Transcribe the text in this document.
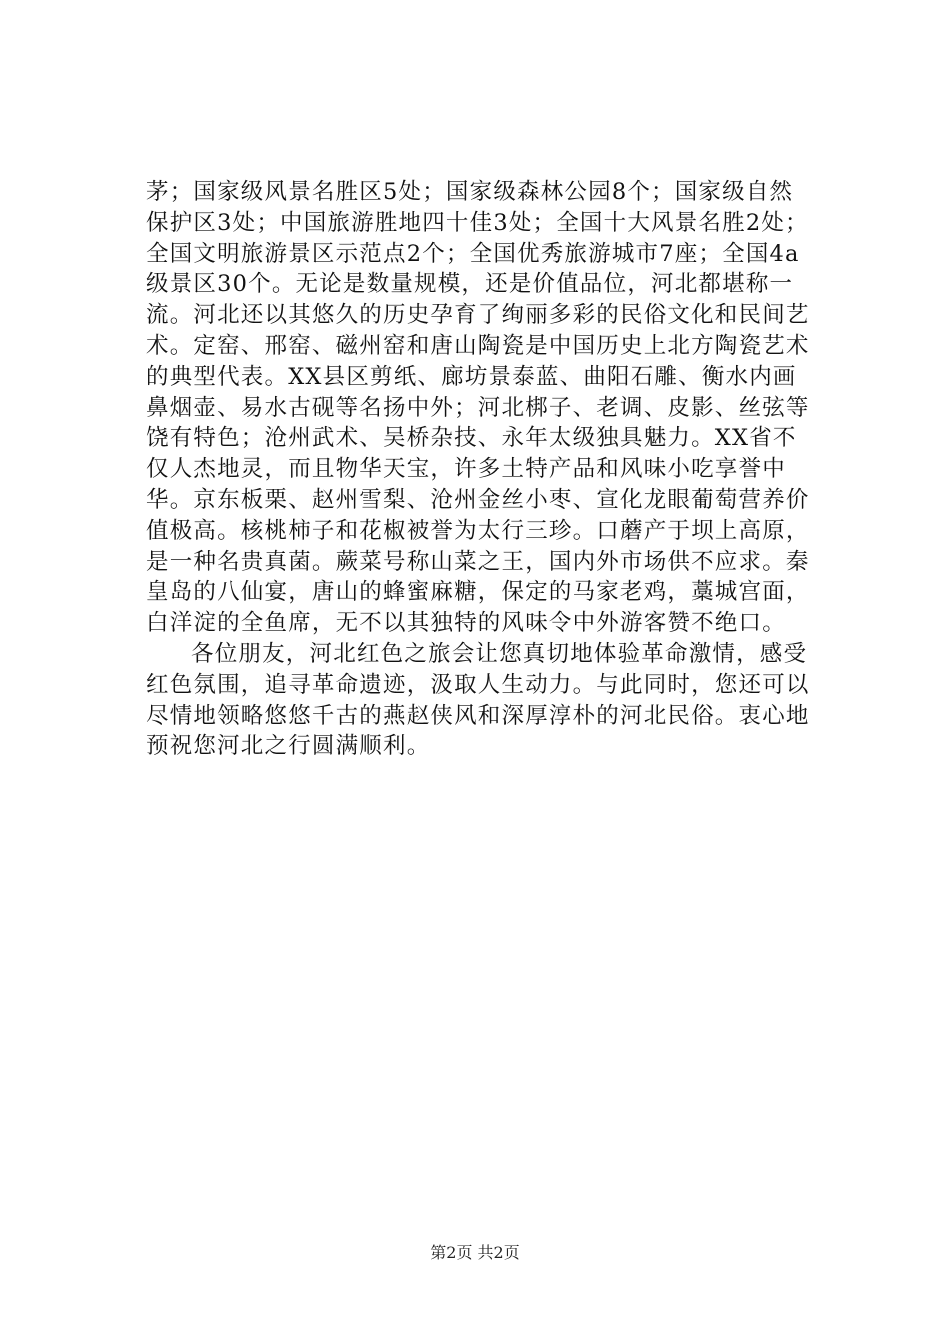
茅；国家级风景名胜区5处；国家级森林公园8个；国家级自然保护区3处；中国旅游胜地四十佳3处；全国十大风景名胜2处；全国文明旅游景区示范点2个；全国优秀旅游城市7座；全国4a级景区30个。无论是数量规模，还是价值品位，河北都堪称一流。河北还以其悠久的历史孕育了绚丽多彩的民俗文化和民间艺术。定窑、邢窑、磁州窑和唐山陶瓷是中国历史上北方陶瓷艺术的典型代表。XX县区剪纸、廊坊景泰蓝、曲阳石雕、衡水内画鼻烟壶、易水古砚等名扬中外；河北梆子、老调、皮影、丝弦等饶有特色；沧州武术、吴桥杂技、永年太级独具魅力。XX省不仅人杰地灵，而且物华天宝，许多土特产品和风味小吃享誉中华。京东板栗、赵州雪梨、沧州金丝小枣、宣化龙眼葡萄营养价值极高。核桃柿子和花椒被誉为太行三珍。口蘑产于坝上高原，是一种名贵真菌。蕨菜号称山菜之王，国内外市场供不应求。秦皇岛的八仙宴，唐山的蜂蜜麻糖，保定的马家老鸡，藁城宫面，白洋淀的全鱼席，无不以其独特的风味令中外游客赞不绝口。

各位朋友，河北红色之旅会让您真切地体验革命激情，感受红色氛围，追寻革命遗迹，汲取人生动力。与此同时，您还可以尽情地领略悠悠千古的燕赵侠风和深厚淳朴的河北民俗。衷心地预祝您河北之行圆满顺利。

第2页 共2页
